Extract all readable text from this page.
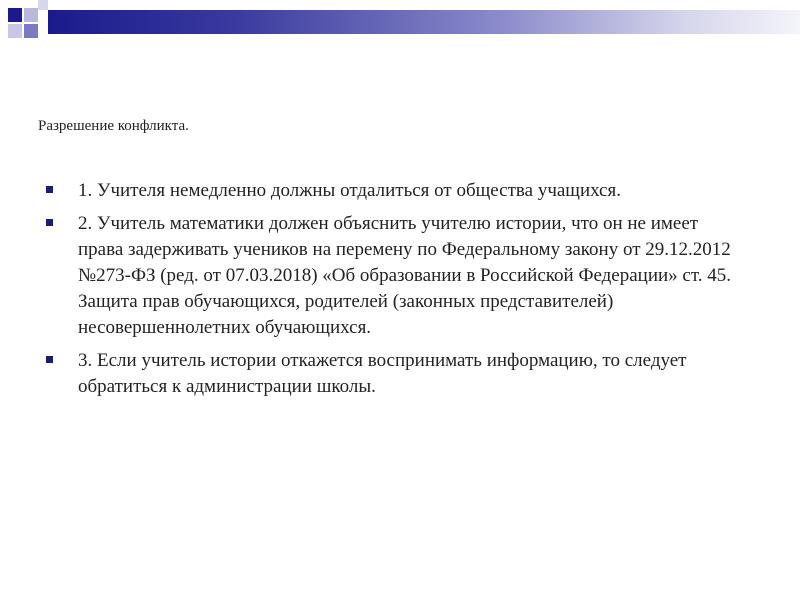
Разрешение конфликта.
1. Учителя немедленно должны отдалиться от общества учащихся.
2. Учитель математики должен объяснить учителю истории, что он не имеет права задерживать учеников на перемену по Федеральному закону от 29.12.2012 №273-ФЗ (ред. от 07.03.2018) «Об образовании в Российской Федерации» ст. 45. Защита прав обучающихся, родителей (законных представителей) несовершеннолетних обучающихся.
3. Если учитель истории откажется воспринимать информацию, то следует обратиться к администрации школы.
